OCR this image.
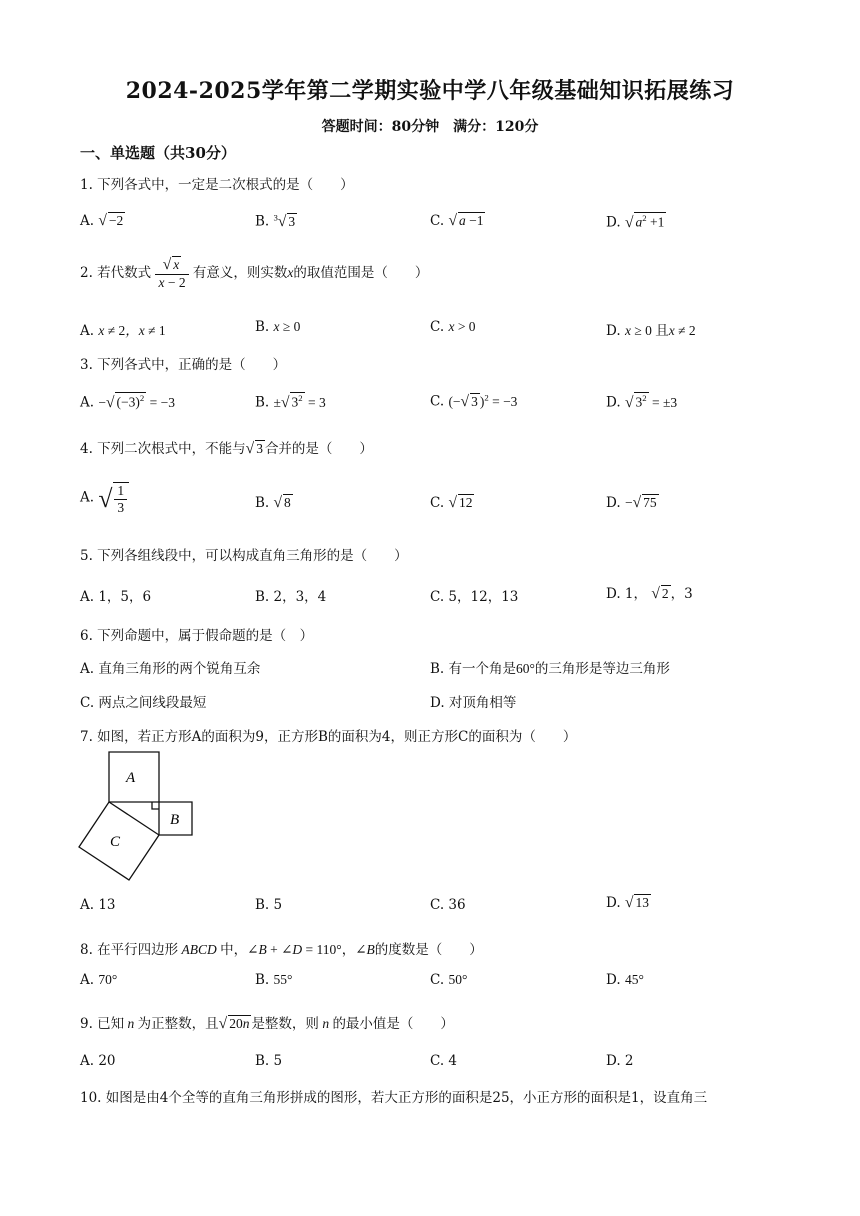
2024-2025学年第二学期实验中学八年级基础知识拓展练习
答题时间：80分钟　满分：120分
一、单选题（共30分）
1. 下列各式中，一定是二次根式的是（　　）
A. √ −2	B. $^3$√ 3	C. √ a −1	D. √ $a^2 +1$
2. 若代数式 $\frac{√ x}{x - 2}$ 有意义，则实数x的取值范围是（　　）
A. x ≠ 2，x ≠ 1	B. x ≥ 0	C. x > 0	D. x ≥ 0 且x ≠ 2
3. 下列各式中，正确的是（　　）
A. −√ $(-3)^2 = -3$	B. ±√ $3^2 = 3$	C. (−√ 3 )$^2$ = −3	D. √ $3^2 = \pm 3$
4. 下列二次根式中，不能与√ 3 合并的是（　　）
A. √ $\frac{1}{3}$	B. √ 8	C. √ 12	D. −√ 75
5. 下列各组线段中，可以构成直角三角形的是（　　）
A. 1，5，6	B. 2，3，4	C. 5，12，13	D. 1， √ 2 ，3
6. 下列命题中，属于假命题的是（　）
A. 直角三角形的两个锐角互余	B. 有一个角是60°的三角形是等边三角形
C. 两点之间线段最短	D. 对顶角相等
7. 如图，若正方形A的面积为9，正方形B的面积为4，则正方形C的面积为（　　）
A
B
C
A. 13	B. 5	C. 36	D. √ 13
8. 在平行四边形 ABCD 中，∠B + ∠D = 110°，∠B的度数是（　　）
A. 70°	B. 55°	C. 50°	D. 45°
9. 已知 n 为正整数，且√ 20n 是整数，则 n 的最小值是（　　）
A. 20	B. 5	C. 4	D. 2
10. 如图是由4个全等的直角三角形拼成的图形，若大正方形的面积是25，小正方形的面积是1，设直角三
